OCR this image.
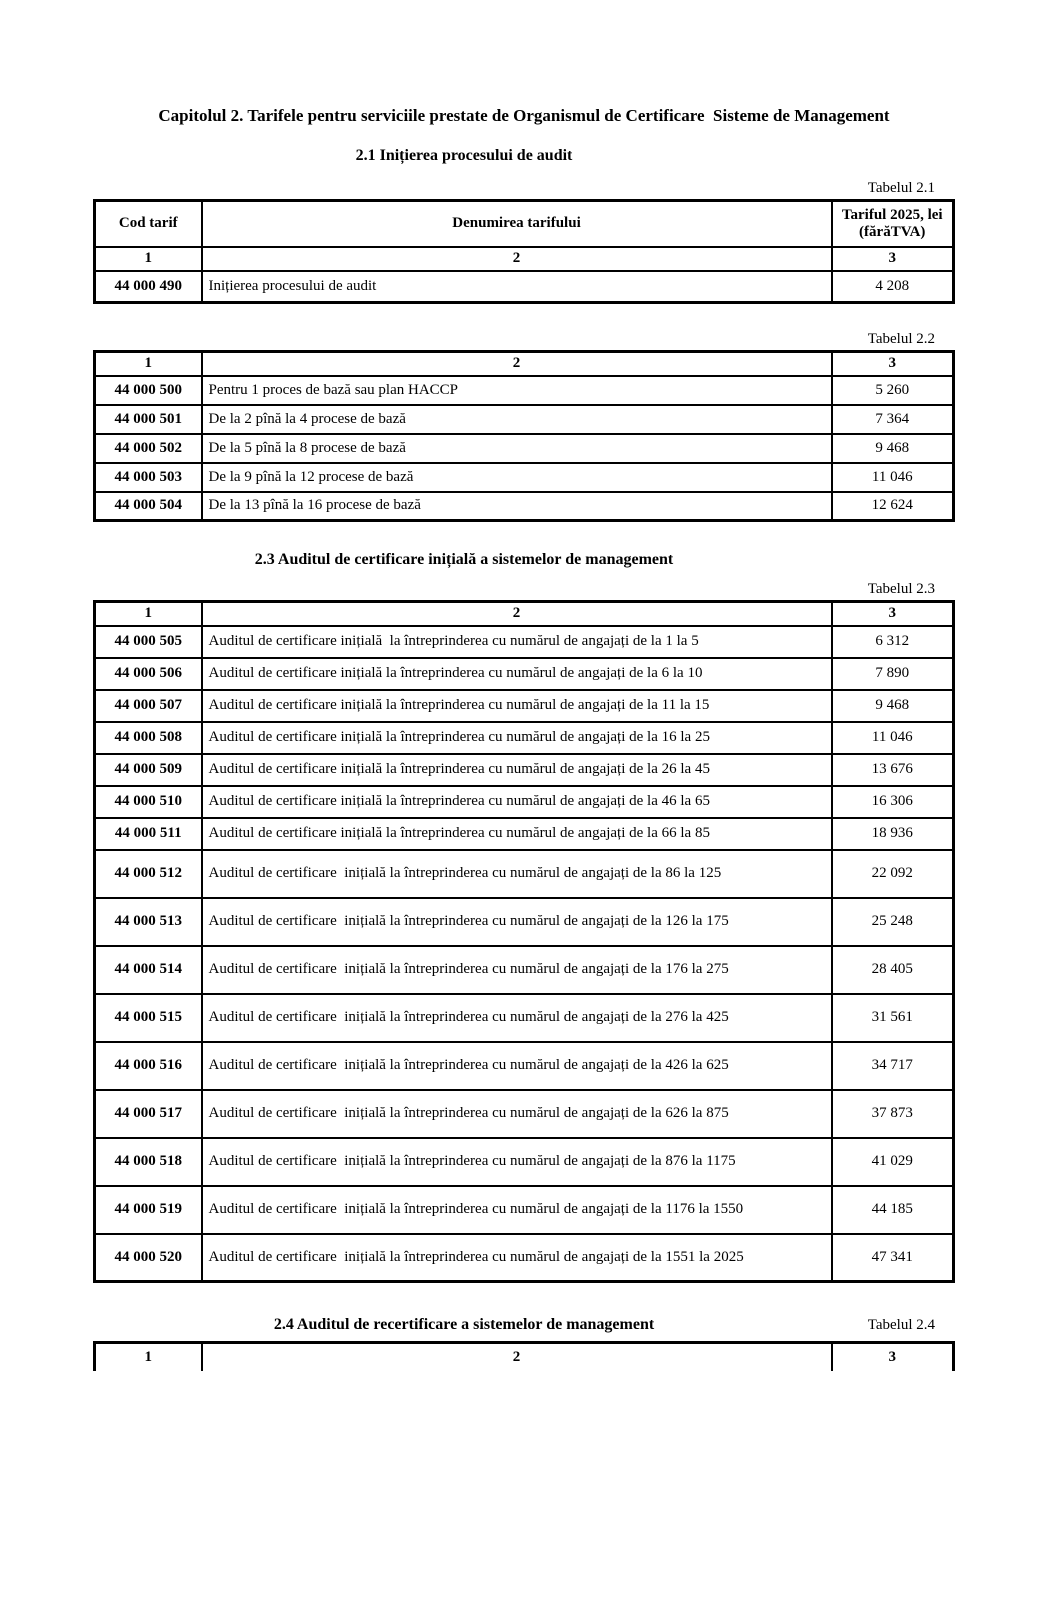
Capitolul 2. Tarifele pentru serviciile prestate de Organismul de Certificare  Sisteme de Management
2.1 Inițierea procesului de audit
Tabelul 2.1
Cod tarif	Denumirea tarifului	Tariful 2025, lei (fărăTVA)
1	2	3
44 000 490	Inițierea procesului de audit	4 208
Tabelul 2.2
1	2	3
44 000 500	Pentru 1 proces de bază sau plan HACCP	5 260
44 000 501	De la 2 pînă la 4 procese de bază	7 364
44 000 502	De la 5 pînă la 8 procese de bază	9 468
44 000 503	De la 9 pînă la 12 procese de bază	11 046
44 000 504	De la 13 pînă la 16 procese de bază	12 624
2.3 Auditul de certificare inițială a sistemelor de management
Tabelul 2.3
1	2	3
44 000 505	Auditul de certificare inițială  la întreprinderea cu numărul de angajați de la 1 la 5	6 312
44 000 506	Auditul de certificare inițială la întreprinderea cu numărul de angajați de la 6 la 10	7 890
44 000 507	Auditul de certificare inițială la întreprinderea cu numărul de angajați de la 11 la 15	9 468
44 000 508	Auditul de certificare inițială la întreprinderea cu numărul de angajați de la 16 la 25	11 046
44 000 509	Auditul de certificare inițială la întreprinderea cu numărul de angajați de la 26 la 45	13 676
44 000 510	Auditul de certificare inițială la întreprinderea cu numărul de angajați de la 46 la 65	16 306
44 000 511	Auditul de certificare inițială la întreprinderea cu numărul de angajați de la 66 la 85	18 936
44 000 512	Auditul de certificare  inițială la întreprinderea cu numărul de angajați de la 86 la 125	22 092
44 000 513	Auditul de certificare  inițială la întreprinderea cu numărul de angajați de la 126 la 175	25 248
44 000 514	Auditul de certificare  inițială la întreprinderea cu numărul de angajați de la 176 la 275	28 405
44 000 515	Auditul de certificare  inițială la întreprinderea cu numărul de angajați de la 276 la 425	31 561
44 000 516	Auditul de certificare  inițială la întreprinderea cu numărul de angajați de la 426 la 625	34 717
44 000 517	Auditul de certificare  inițială la întreprinderea cu numărul de angajați de la 626 la 875	37 873
44 000 518	Auditul de certificare  inițială la întreprinderea cu numărul de angajați de la 876 la 1175	41 029
44 000 519	Auditul de certificare  inițială la întreprinderea cu numărul de angajați de la 1176 la 1550	44 185
44 000 520	Auditul de certificare  inițială la întreprinderea cu numărul de angajați de la 1551 la 2025	47 341
2.4 Auditul de recertificare a sistemelor de management	Tabelul 2.4
1	2	3
